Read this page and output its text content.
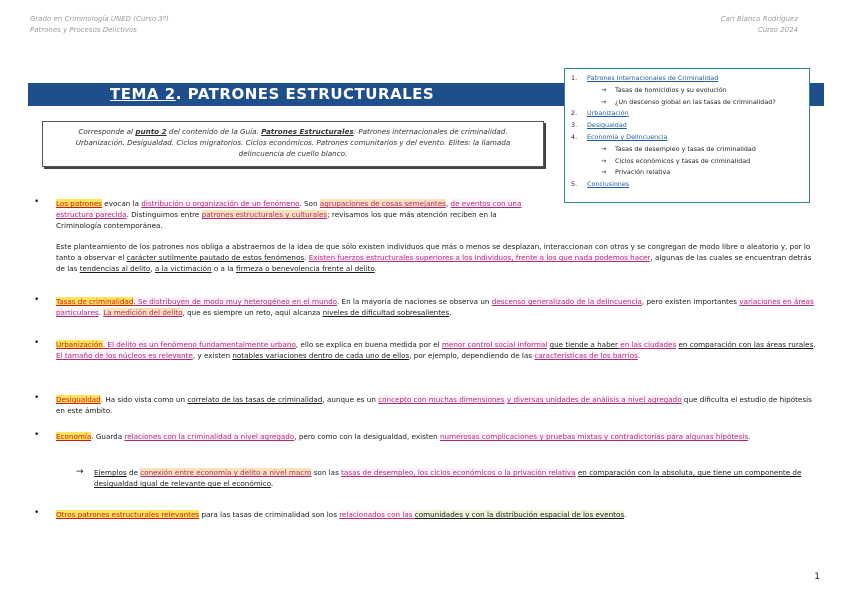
Grado en Criminología UNED (Curso 3º)
Patrones y Procesos Delictivos
Cari Blanco Rodríguez
Curso 2024
TEMA 2. PATRONES ESTRUCTURALES
1. Patrones Internacionales de Criminalidad
→ Tasas de homicidios y su evolución
→ ¿Un descenso global en las tasas de criminalidad?
2. Urbanización
3. Desigualdad
4. Economía y Delincuencia
→ Tasas de desempleo y tasas de criminalidad
→ Ciclos económicos y tasas de criminalidad
→ Privación relativa
5. Conclusiones
Corresponde al punto 2 del contenido de la Guía. Patrones Estructurales: Patrones internacionales de criminalidad. Urbanización. Desigualdad. Ciclos migratorios. Ciclos económicos. Patrones comunitarios y del evento. Elites: la llamada delincuencia de cuello blanco.
• Los patrones evocan la distribución u organización de un fenómeno. Son agrupaciones de cosas semejantes, de eventos con una estructura parecida. Distinguimos entre patrones estructurales y culturales; revisamos los que más atención reciben en la Criminología contemporánea.
Este planteamiento de los patrones nos obliga a abstraernos de la idea de que sólo existen individuos que más o menos se desplazan, interaccionan con otros y se congregan de modo libre o aleatorio y, por lo tanto a observar el carácter sutilmente pautado de estos fenómenos. Existen fuerzos estructurales superiores a los individuos, frente a los que nada podemos hacer, algunas de las cuales se encuentran detrás de las tendencias al delito, a la victimación o a la firmeza o benevolencia frente al delito.
• Tasas de criminalidad. Se distribuyen de modo muy heterogéneo en el mundo. En la mayoría de naciones se observa un descenso generalizado de la delincuencia, pero existen importantes variaciones en áreas particulares. La medición del delito, que es siempre un reto, aquí alcanza niveles de dificultad sobresalientes.
• Urbanización. El delito es un fenómeno fundamentalmente urbano, ello se explica en buena medida por el menor control social informal que tiende a haber en las ciudades en comparación con las áreas rurales. El tamaño de los núcleos es relevante, y existen notables variaciones dentro de cada uno de ellos, por ejemplo, dependiendo de las características de los barrios.
• Desigualdad. Ha sido vista como un correlato de las tasas de criminalidad, aunque es un concepto con muchas dimensiones y diversas unidades de análisis a nivel agregado que dificulta el estudio de hipótesis en este ámbito.
• Economía. Guarda relaciones con la criminalidad a nivel agregado, pero como con la desigualdad, existen numerosas complicaciones y pruebas mixtas y contradictorias para algunas hipótesis.
→ Ejemplos de conexión entre economía y delito a nivel macro son las tasas de desempleo, los ciclos económicos o la privación relativa en comparación con la absoluta, que tiene un componente de desigualdad igual de relevante que el económico.
• Otros patrones estructurales relevantes para las tasas de criminalidad son los relacionados con las comunidades y con la distribución espacial de los eventos.
1
